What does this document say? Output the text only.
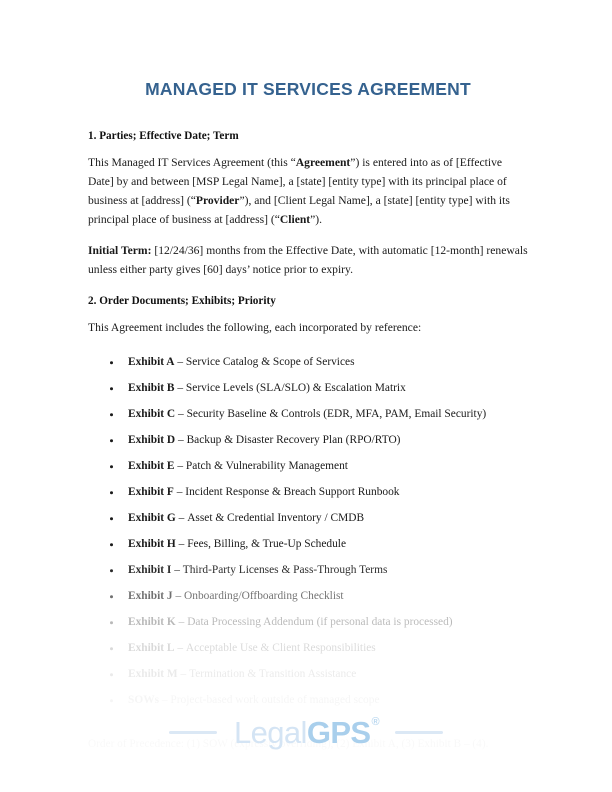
MANAGED IT SERVICES AGREEMENT
1. Parties; Effective Date; Term

This Managed IT Services Agreement (this “Agreement”) is entered into as of [Effective Date] by and between [MSP Legal Name], a [state] [entity type] with its principal place of business at [address] (“Provider”), and [Client Legal Name], a [state] [entity type] with its principal place of business at [address] (“Client”).

Initial Term: [12/24/36] months from the Effective Date, with automatic [12-month] renewals unless either party gives [60] days’ notice prior to expiry.

2. Order Documents; Exhibits; Priority

This Agreement includes the following, each incorporated by reference:

Exhibit A – Service Catalog & Scope of Services
Exhibit B – Service Levels (SLA/SLO) & Escalation Matrix
Exhibit C – Security Baseline & Controls (EDR, MFA, PAM, Email Security)
Exhibit D – Backup & Disaster Recovery Plan (RPO/RTO)
Exhibit E – Patch & Vulnerability Management
Exhibit F – Incident Response & Breach Support Runbook
Exhibit G – Asset & Credential Inventory / CMDB
Exhibit H – Fees, Billing, & True-Up Schedule
Exhibit I – Third-Party Licenses & Pass-Through Terms
Exhibit J – Onboarding/Offboarding Checklist
Exhibit K – Data Processing Addendum (if personal data is processed)
Exhibit L – Acceptable Use & Client Responsibilities
Exhibit M – Termination & Transition Assistance

LegalGPS®
